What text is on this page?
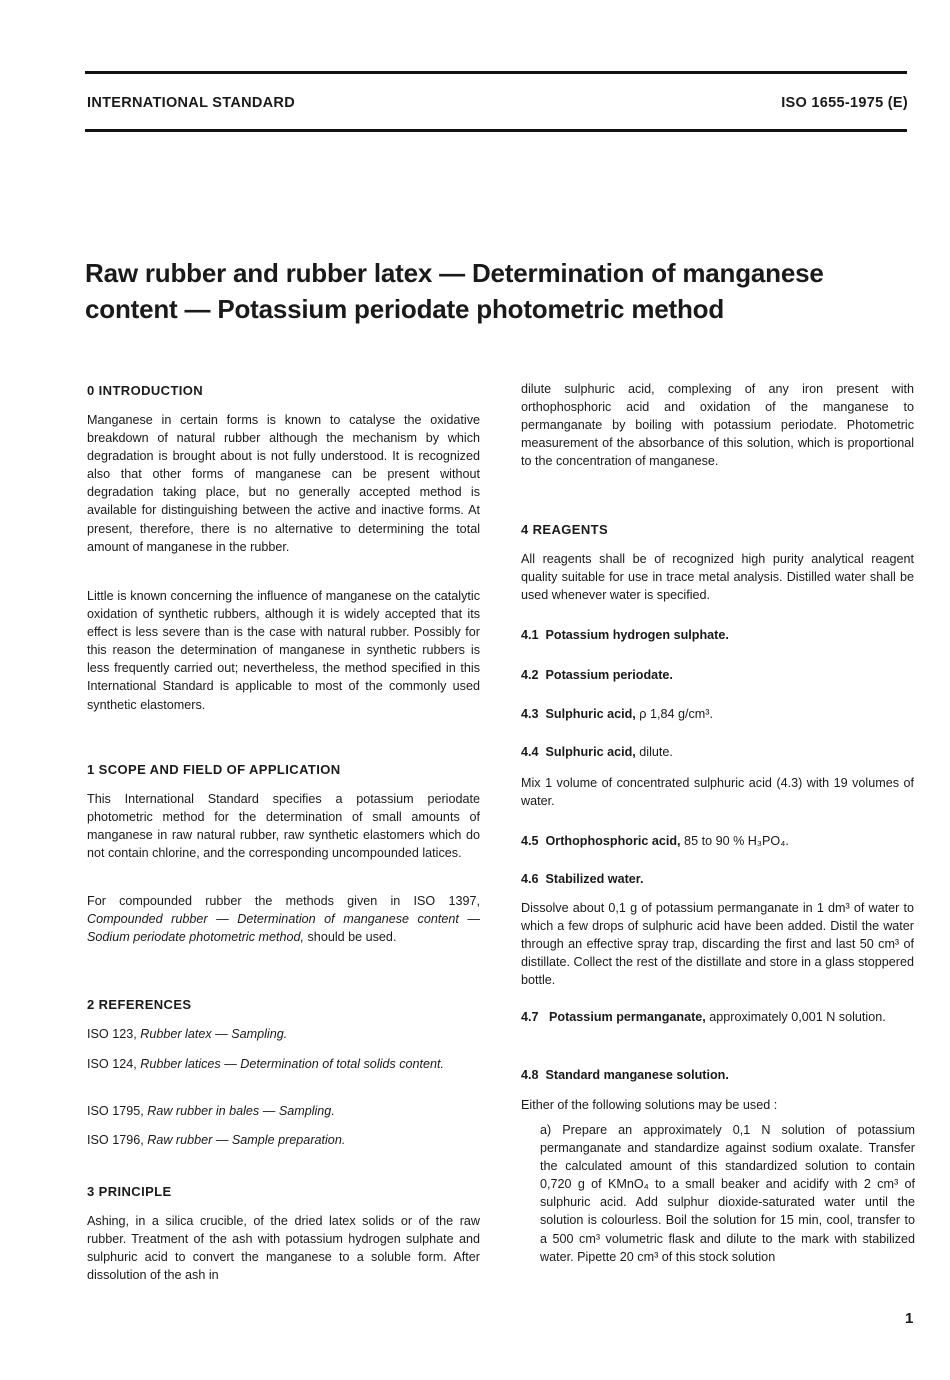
INTERNATIONAL STANDARD	ISO 1655-1975 (E)
Raw rubber and rubber latex — Determination of manganese
content — Potassium periodate photometric method
0 INTRODUCTION
Manganese in certain forms is known to catalyse the oxidative breakdown of natural rubber although the mechanism by which degradation is brought about is not fully understood. It is recognized also that other forms of manganese can be present without degradation taking place, but no generally accepted method is available for distinguishing between the active and inactive forms. At present, therefore, there is no alternative to determining the total amount of manganese in the rubber.
Little is known concerning the influence of manganese on the catalytic oxidation of synthetic rubbers, although it is widely accepted that its effect is less severe than is the case with natural rubber. Possibly for this reason the determination of manganese in synthetic rubbers is less frequently carried out; nevertheless, the method specified in this International Standard is applicable to most of the commonly used synthetic elastomers.
1 SCOPE AND FIELD OF APPLICATION
This International Standard specifies a potassium periodate photometric method for the determination of small amounts of manganese in raw natural rubber, raw synthetic elastomers which do not contain chlorine, and the corresponding uncompounded latices.
For compounded rubber the methods given in ISO 1397, Compounded rubber — Determination of manganese content — Sodium periodate photometric method, should be used.
2 REFERENCES
ISO 123, Rubber latex — Sampling.
ISO 124, Rubber latices — Determination of total solids content.
ISO 1795, Raw rubber in bales — Sampling.
ISO 1796, Raw rubber — Sample preparation.
3 PRINCIPLE
Ashing, in a silica crucible, of the dried latex solids or of the raw rubber. Treatment of the ash with potassium hydrogen sulphate and sulphuric acid to convert the manganese to a soluble form. After dissolution of the ash in
dilute sulphuric acid, complexing of any iron present with orthophosphoric acid and oxidation of the manganese to permanganate by boiling with potassium periodate. Photometric measurement of the absorbance of this solution, which is proportional to the concentration of manganese.
4 REAGENTS
All reagents shall be of recognized high purity analytical reagent quality suitable for use in trace metal analysis. Distilled water shall be used whenever water is specified.
4.1 Potassium hydrogen sulphate.
4.2 Potassium periodate.
4.3 Sulphuric acid, ρ 1,84 g/cm³.
4.4 Sulphuric acid, dilute.
Mix 1 volume of concentrated sulphuric acid (4.3) with 19 volumes of water.
4.5 Orthophosphoric acid, 85 to 90 % H₃PO₄.
4.6 Stabilized water.
Dissolve about 0,1 g of potassium permanganate in 1 dm³ of water to which a few drops of sulphuric acid have been added. Distil the water through an effective spray trap, discarding the first and last 50 cm³ of distillate. Collect the rest of the distillate and store in a glass stoppered bottle.
4.7 Potassium permanganate, approximately 0,001 N solution.
4.8 Standard manganese solution.
Either of the following solutions may be used :
a) Prepare an approximately 0,1 N solution of potassium permanganate and standardize against sodium oxalate. Transfer the calculated amount of this standardized solution to contain 0,720 g of KMnO₄ to a small beaker and acidify with 2 cm³ of sulphuric acid. Add sulphur dioxide-saturated water until the solution is colourless. Boil the solution for 15 min, cool, transfer to a 500 cm³ volumetric flask and dilute to the mark with stabilized water. Pipette 20 cm³ of this stock solution
1
